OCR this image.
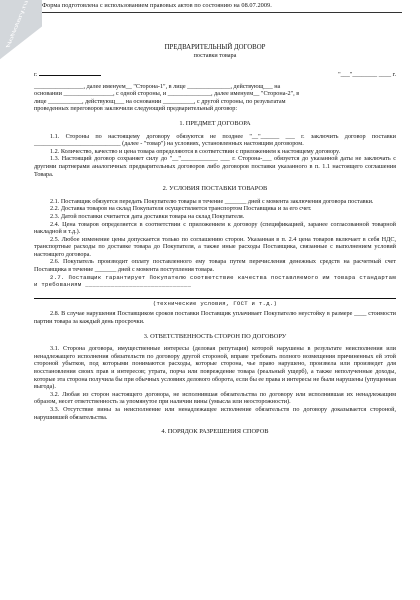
NoNotary.ru Форма подготовлена с использованием правовых актов по состоянию на 08.07.2009.
ПРЕДВАРИТЕЛЬНЫЙ ДОГОВОР
поставки товара
г.	"___"________ ____ г.

________________, далее именуем__ "Сторона-1", в лице ______________, действующ___ на

основании ________________, с одной стороны, и ______________, далее именуем__ "Сторона-2", в

лице ___________, действующ___ на основании __________, с другой стороны, по результатам

проведенных переговоров заключили следующий предварительный договор:

1. ПРЕДМЕТ ДОГОВОРА

1.1. Стороны по настоящему договору обязуются не позднее "__"______ ___ г. заключить договор поставки ____________________________ (далее - "товар") на условиях, установленных настоящим договором.

1.2. Количество, качество и цена товара определяются в соответствии с приложением к настоящему договору.

1.3. Настоящий договор сохраняет силу до "__"____________ ___ г. Сторона-___ обязуется до указанной даты не заключать с другими партнерами аналогичных предварительных договоров либо договоров поставки указанного в п. 1.1 настоящего соглашения Товара.

2. УСЛОВИЯ ПОСТАВКИ ТОВАРОВ

2.1. Поставщик обязуется передать Покупателю товары в течение _______ дней с момента заключения договора поставки.

2.2. Доставка товаров на склад Покупателя осуществляется транспортом Поставщика и за его счет.

2.3. Датой поставки считается дата доставки товара на склад Покупателя.

2.4. Цена товаров определяется в соответствии с приложением к договору (спецификацией, заранее согласованной товарной накладной и т.д.).

2.5. Любое изменение цены допускается только по соглашению сторон. Указанная в п. 2.4 цена товаров включает в себя НДС, транспортные расходы по доставке товара до Покупателя, а также иные расходы Поставщика, связанные с выполнением условий настоящего договора.

2.6. Покупатель производит оплату поставленного ему товара путем перечисления денежных средств на расчетный счет Поставщика в течение _______ дней с момента поступления товара.

2.7. Поставщик гарантирует Покупателю соответствие качества поставляемого им товара стандартам и требованиям _____________________________

(технические условия, ГОСТ и т.д.)

2.8. В случае нарушения Поставщиком сроков поставки Поставщик уплачивает Покупателю неустойку в размере ____ стоимости партии товара за каждый день просрочки.

3. ОТВЕТСТВЕННОСТЬ СТОРОН ПО ДОГОВОРУ

3.1. Сторона договора, имущественные интересы (деловая репутация) которой нарушены в результате неисполнения или ненадлежащего исполнения обязательств по договору другой стороной, вправе требовать полного возмещения причиненных ей этой стороной убытков, под которыми понимаются расходы, которые сторона, чье право нарушено, произвела или произведет для восстановления своих прав и интересов; утрата, порча или повреждение товара (реальный ущерб), а также неполученные доходы, которые эта сторона получила бы при обычных условиях делового оборота, если бы ее права и интересы не были нарушены (упущенная выгода).

3.2. Любая из сторон настоящего договора, не исполнившая обязательства по договору или исполнившая их ненадлежащим образом, несет ответственность за упомянутое при наличии вины (умысла или неосторожности).

3.3. Отсутствие вины за неисполнение или ненадлежащее исполнение обязательств по договору доказывается стороной, нарушившей обязательства.

4. ПОРЯДОК РАЗРЕШЕНИЯ СПОРОВ
